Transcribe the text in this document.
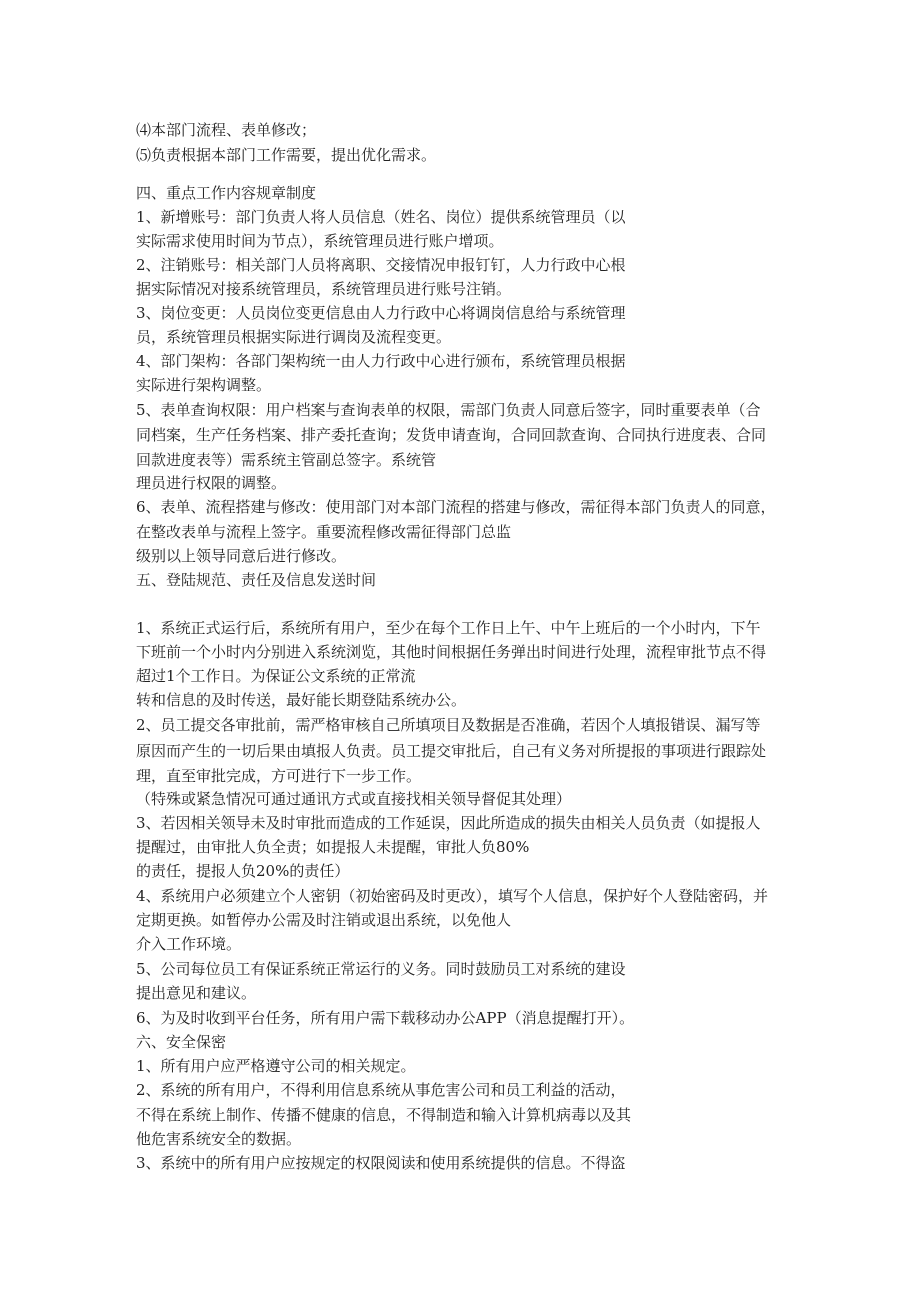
⑷本部门流程、表单修改；
⑸负责根据本部门工作需要，提出优化需求。
四、重点工作内容规章制度
1、新增账号：部门负责人将人员信息（姓名、岗位）提供系统管理员（以
实际需求使用时间为节点），系统管理员进行账户增项。
2、注销账号：相关部门人员将离职、交接情况申报钉钉，人力行政中心根
据实际情况对接系统管理员，系统管理员进行账号注销。
3、岗位变更：人员岗位变更信息由人力行政中心将调岗信息给与系统管理
员，系统管理员根据实际进行调岗及流程变更。
4、部门架构：各部门架构统一由人力行政中心进行颁布，系统管理员根据
实际进行架构调整。
5、表单查询权限：用户档案与查询表单的权限，需部门负责人同意后签字，同时重要表单（合
同档案，生产任务档案、排产委托查询；发货申请查询，合同回款查询、合同执行进度表、合同
回款进度表等）需系统主管副总签字。系统管
理员进行权限的调整。
6、表单、流程搭建与修改：使用部门对本部门流程的搭建与修改，需征得本部门负责人的同意，
在整改表单与流程上签字。重要流程修改需征得部门总监
级别以上领导同意后进行修改。
五、登陆规范、责任及信息发送时间
1、系统正式运行后，系统所有用户，至少在每个工作日上午、中午上班后的一个小时内，下午
下班前一个小时内分别进入系统浏览，其他时间根据任务弹出时间进行处理，流程审批节点不得
超过1个工作日。为保证公文系统的正常流
转和信息的及时传送，最好能长期登陆系统办公。
2、员工提交各审批前，需严格审核自己所填项目及数据是否准确，若因个人填报错误、漏写等
原因而产生的一切后果由填报人负责。员工提交审批后，自己有义务对所提报的事项进行跟踪处
理，直至审批完成，方可进行下一步工作。
（特殊或紧急情况可通过通讯方式或直接找相关领导督促其处理）
3、若因相关领导未及时审批而造成的工作延误，因此所造成的损失由相关人员负责（如提报人
提醒过，由审批人负全责；如提报人未提醒，审批人负80%
的责任，提报人负20%的责任）
4、系统用户必须建立个人密钥（初始密码及时更改），填写个人信息，保护好个人登陆密码，并
定期更换。如暂停办公需及时注销或退出系统，以免他人
介入工作环境。
5、公司每位员工有保证系统正常运行的义务。同时鼓励员工对系统的建设
提出意见和建议。
6、为及时收到平台任务，所有用户需下载移动办公APP（消息提醒打开）。
六、安全保密
1、所有用户应严格遵守公司的相关规定。
2、系统的所有用户，不得利用信息系统从事危害公司和员工利益的活动，
不得在系统上制作、传播不健康的信息，不得制造和输入计算机病毒以及其
他危害系统安全的数据。
3、系统中的所有用户应按规定的权限阅读和使用系统提供的信息。不得盗
